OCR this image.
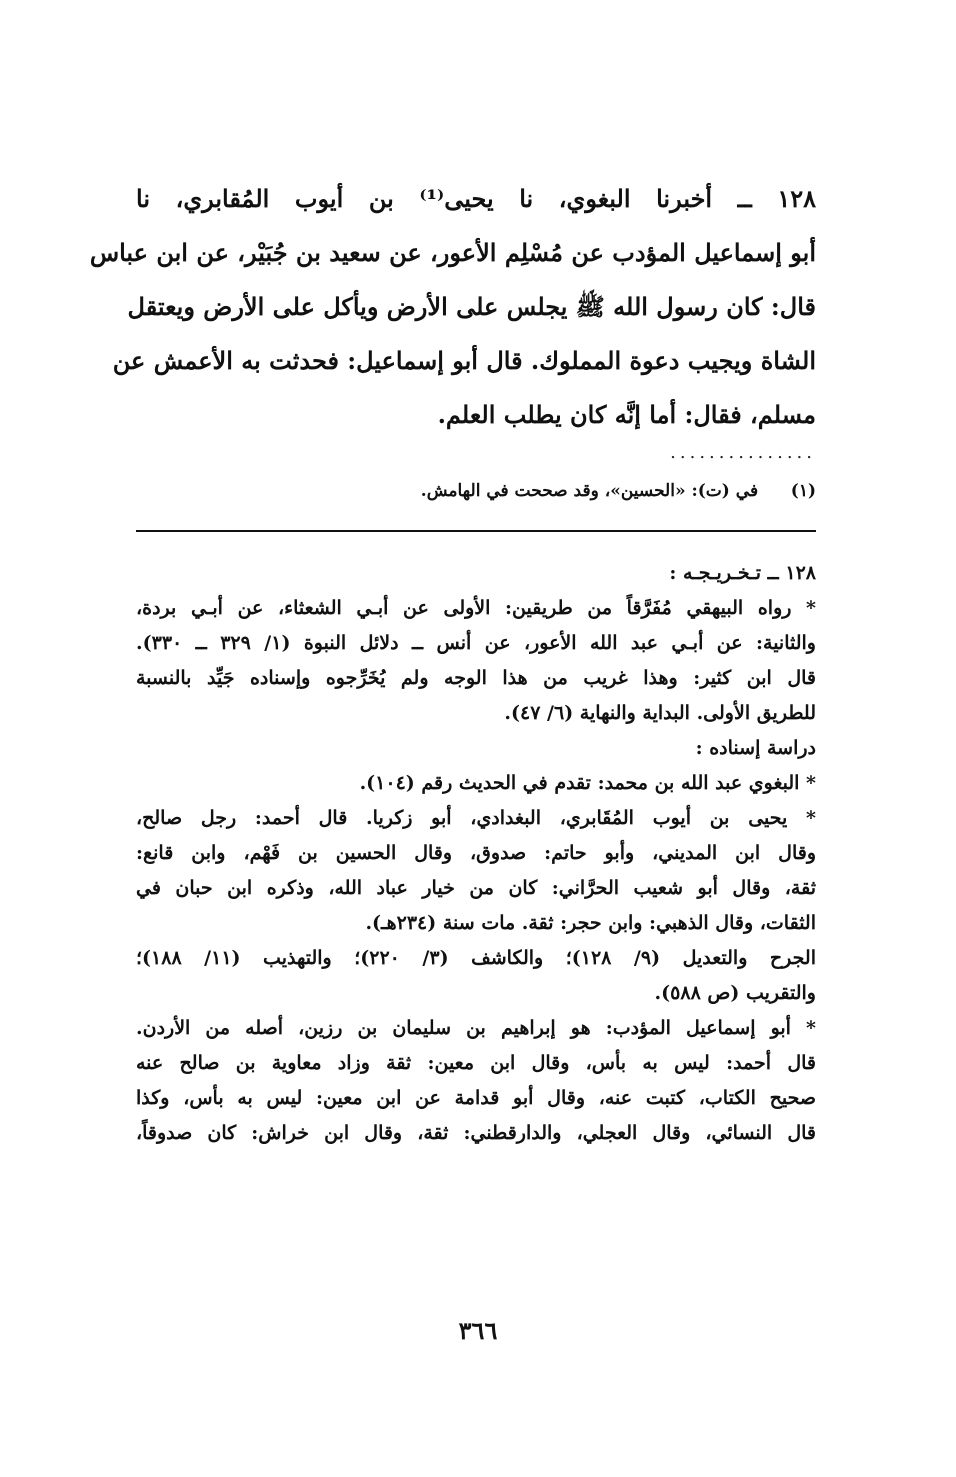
١٢٨ ــ أخبرنا البغوي، نا يحيى⁽¹⁾ بن أيوب المُقابري، نا
أبو إسماعيل المؤدب عن مُسْلِم الأعور، عن سعيد بن جُبَيْر، عن ابن عباس
قال: كان رسول الله ﷺ يجلس على الأرض ويأكل على الأرض ويعتقل
الشاة ويجيب دعوة المملوك. قال أبو إسماعيل: فحدثت به الأعمش عن
مسلم، فقال: أما إنَّه كان يطلب العلم.
...............
(١) في (ت): «الحسين»، وقد صححت في الهامش.
١٢٨ ــ تـخـريـجـه :
* رواه البيهقي مُفَرَّقاً من طريقين: الأولى عن أبـي الشعثاء، عن أبـي بردة،
والثانية: عن أبـي عبد الله الأعور، عن أنس ــ دلائل النبوة (١/ ٣٢٩ ــ ٣٣٠).
قال ابن كثير: وهذا غريب من هذا الوجه ولم يُخَرِّجوه وإسناده جَيِّد بالنسبة
للطريق الأولى. البداية والنهاية (٦/ ٤٧).
دراسة إسناده :
* البغوي عبد الله بن محمد: تقدم في الحديث رقم (١٠٤).
* يحيى بن أيوب المُقَابري، البغدادي، أبو زكريا. قال أحمد: رجل صالح،
وقال ابن المديني، وأبو حاتم: صدوق، وقال الحسين بن فَهْم، وابن قانع:
ثقة، وقال أبو شعيب الحرَّاني: كان من خيار عباد الله، وذكره ابن حبان في
الثقات، وقال الذهبي: وابن حجر: ثقة. مات سنة (٢٣٤هـ).
الجرح والتعديل (٩/ ١٢٨)؛ والكاشف (٣/ ٢٢٠)؛ والتهذيب (١١/ ١٨٨)؛
والتقريب (ص ٥٨٨).
* أبو إسماعيل المؤدب: هو إبراهيم بن سليمان بن رزين، أصله من الأردن.
قال أحمد: ليس به بأس، وقال ابن معين: ثقة وزاد معاوية بن صالح عنه
صحيح الكتاب، كتبت عنه، وقال أبو قدامة عن ابن معين: ليس به بأس، وكذا
قال النسائي، وقال العجلي، والدارقطني: ثقة، وقال ابن خراش: كان صدوقاً،
٣٦٦
